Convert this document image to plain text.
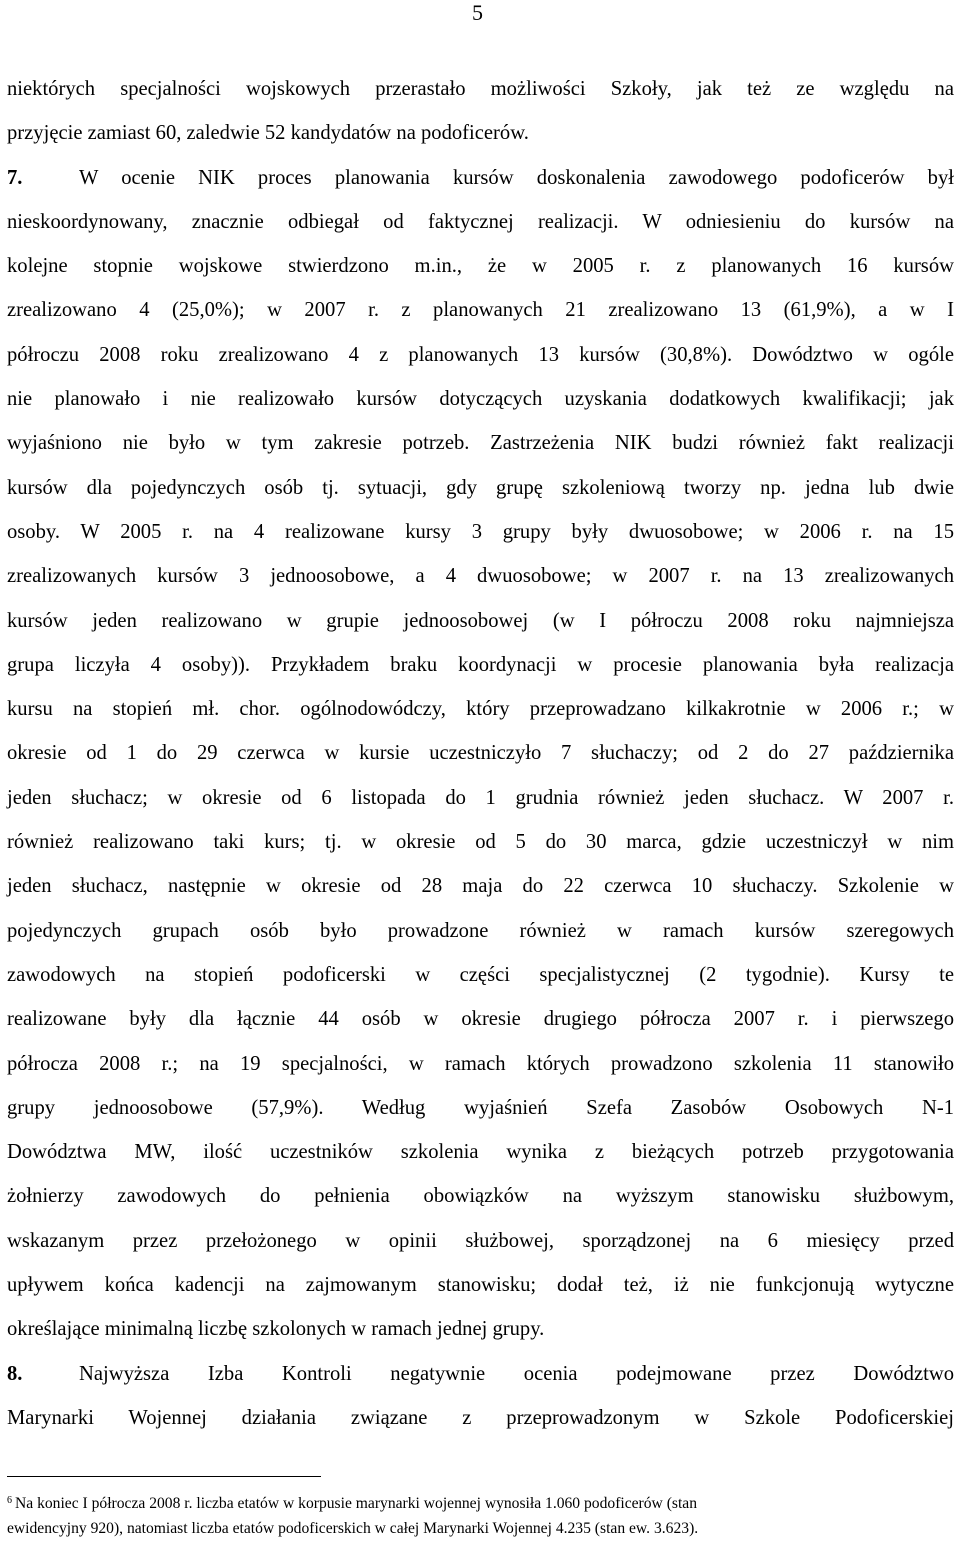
5
niektórych specjalności wojskowych przerastało możliwości Szkoły, jak też ze względu na
przyjęcie zamiast 60, zaledwie 52 kandydatów na podoficerów.
7.	W ocenie NIK proces planowania kursów doskonalenia zawodowego podoficerów był
nieskoordynowany, znacznie odbiegał od faktycznej realizacji. W odniesieniu do kursów na
kolejne stopnie wojskowe stwierdzono m.in., że w 2005 r. z planowanych 16 kursów
zrealizowano 4 (25,0%); w 2007 r. z planowanych 21 zrealizowano 13 (61,9%), a w I
półroczu 2008 roku zrealizowano 4 z planowanych 13 kursów (30,8%). Dowództwo w ogóle
nie planowało i nie realizowało kursów dotyczących uzyskania dodatkowych kwalifikacji; jak
wyjaśniono nie było w tym zakresie potrzeb. Zastrzeżenia NIK budzi również fakt realizacji
kursów dla pojedynczych osób tj. sytuacji, gdy grupę szkoleniową tworzy np. jedna lub dwie
osoby. W 2005 r. na 4 realizowane kursy 3 grupy były dwuosobowe; w 2006 r. na 15
zrealizowanych kursów 3 jednoosobowe, a 4 dwuosobowe; w 2007 r. na 13 zrealizowanych
kursów jeden realizowano w grupie jednoosobowej (w I półroczu 2008 roku najmniejsza
grupa liczyła 4 osoby)). Przykładem braku koordynacji w procesie planowania była realizacja
kursu na stopień mł. chor. ogólnodowódczy, który przeprowadzano kilkakrotnie w 2006 r.; w
okresie od 1 do 29 czerwca w kursie uczestniczyło 7 słuchaczy; od 2 do 27 października
jeden słuchacz; w okresie od 6 listopada do 1 grudnia również jeden słuchacz. W 2007 r.
również realizowano taki kurs; tj. w okresie od 5 do 30 marca, gdzie uczestniczył w nim
jeden słuchacz, następnie w okresie od 28 maja do 22 czerwca 10 słuchaczy. Szkolenie w
pojedynczych grupach osób było prowadzone również w ramach kursów szeregowych
zawodowych na stopień podoficerski w części specjalistycznej (2 tygodnie). Kursy te
realizowane były dla łącznie 44 osób w okresie drugiego półrocza 2007 r. i pierwszego
półrocza 2008 r.; na 19 specjalności, w ramach których prowadzono szkolenia 11 stanowiło
grupy jednoosobowe (57,9%). Według wyjaśnień Szefa Zasobów Osobowych N-1
Dowództwa MW, ilość uczestników szkolenia wynika z bieżących potrzeb przygotowania
żołnierzy zawodowych do pełnienia obowiązków na wyższym stanowisku służbowym,
wskazanym przez przełożonego w opinii służbowej, sporządzonej na 6 miesięcy przed
upływem końca kadencji na zajmowanym stanowisku; dodał też, iż nie funkcjonują wytyczne
określające minimalną liczbę szkolonych w ramach jednej grupy.
8.	Najwyższa Izba Kontroli negatywnie ocenia podejmowane przez Dowództwo
Marynarki Wojennej działania związane z przeprowadzonym w Szkole Podoficerskiej
$^6$ Na koniec I półrocza 2008 r. liczba etatów w korpusie marynarki wojennej wynosiła 1.060 podoficerów (stan
ewidencyjny 920), natomiast liczba etatów podoficerskich w całej Marynarki Wojennej 4.235 (stan ew. 3.623).
